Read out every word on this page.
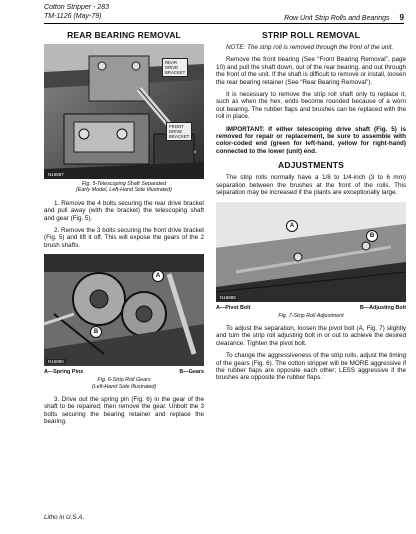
Cotton Stripper - 283
TM-1126 (May-79)	Row Unit Strip Rolls and Bearings 9
REAR BEARING REMOVAL
REAR
DRIVE
BRACKET
FRONT
DRIVE
BRACKET
N16887
Fig. 5-Telescoping Shaft Separated
(Early Model, Left-Hand Side Illustrated)

1. Remove the 4 bolts securing the rear drive bracket and pull away (with the bracket) the telescoping shaft and gear (Fig. 5).

2. Remove the 3 bolts securing the front drive bracket (Fig. 5) and lift it off. This will expose the gears of the 2 brush shafts.

A
B
N16885
A—Spring Pins	B—Gears
Fig. 6-Strip Roll Gears
(Left-Hand Side Illustrated)

3. Drive out the spring pin (Fig. 6) in the gear of the shaft to be repaired; then remove the gear. Unbolt the 3 bolts securing the bearing retainer and replace the bearing.

STRIP ROLL REMOVAL

NOTE: The strip roll is removed through the front of the unit.

Remove the front bearing (See “Front Bearing Removal”, page 10) and pull the shaft down, out of the rear bearing, and out through the front of the unit. If the shaft is difficult to remove or install, loosen the rear bearing retainer (See “Rear Bearing Removal”).

It is necessary to remove the strip roll shaft only to replace it, such as when the hex. ends become rounded because of a worn out bearing. The rubber flaps and brushes can be replaced with the roll in place.

IMPORTANT: If either telescoping drive shaft (Fig. 5) is removed for repair or replacement, be sure to assemble with color-coded end (green for left-hand, yellow for right-hand) connected to the lower (unit) end.

ADJUSTMENTS

The strip rolls normally have a 1/8 to 1/4-inch (3 to 6 mm) separation between the brushes at the front of the rolls. This separation may be increased if the plants are exceptionally large.

A
B
N16889
A—Pivot Bolt	B—Adjusting Bolt
Fig. 7-Strip Roll Adjustment

To adjust the separation, loosen the pivot bolt (A, Fig. 7) slightly and turn the strip roll adjusting bolt in or out to achieve the desired clearance. Tighten the pivot bolt.

To change the aggressiveness of the strip rolls, adjust the timing of the gears (Fig. 6). The cotton stripper will be MORE aggressive if the rubber flaps are opposite each other; LESS aggressive if the brushes are opposite the rubber flaps.

Litho in U.S.A.
